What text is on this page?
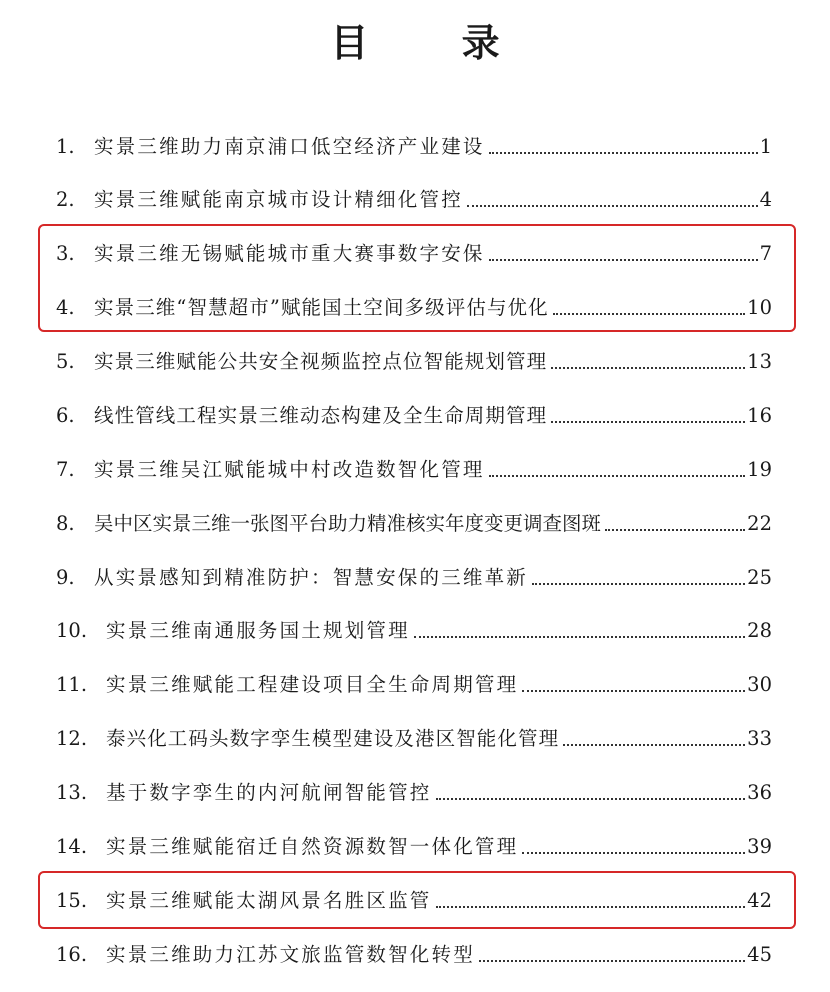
目 录
1. 实景三维助力南京浦口低空经济产业建设	1
2. 实景三维赋能南京城市设计精细化管控	4
3. 实景三维无锡赋能城市重大赛事数字安保	7
4. 实景三维“智慧超市”赋能国土空间多级评估与优化	10
5. 实景三维赋能公共安全视频监控点位智能规划管理	13
6. 线性管线工程实景三维动态构建及全生命周期管理	16
7. 实景三维吴江赋能城中村改造数智化管理	19
8. 吴中区实景三维一张图平台助力精准核实年度变更调查图斑	22
9. 从实景感知到精准防护：智慧安保的三维革新	25
10. 实景三维南通服务国土规划管理	28
11. 实景三维赋能工程建设项目全生命周期管理	30
12. 泰兴化工码头数字孪生模型建设及港区智能化管理	33
13. 基于数字孪生的内河航闸智能管控	36
14. 实景三维赋能宿迁自然资源数智一体化管理	39
15. 实景三维赋能太湖风景名胜区监管	42
16. 实景三维助力江苏文旅监管数智化转型	45
